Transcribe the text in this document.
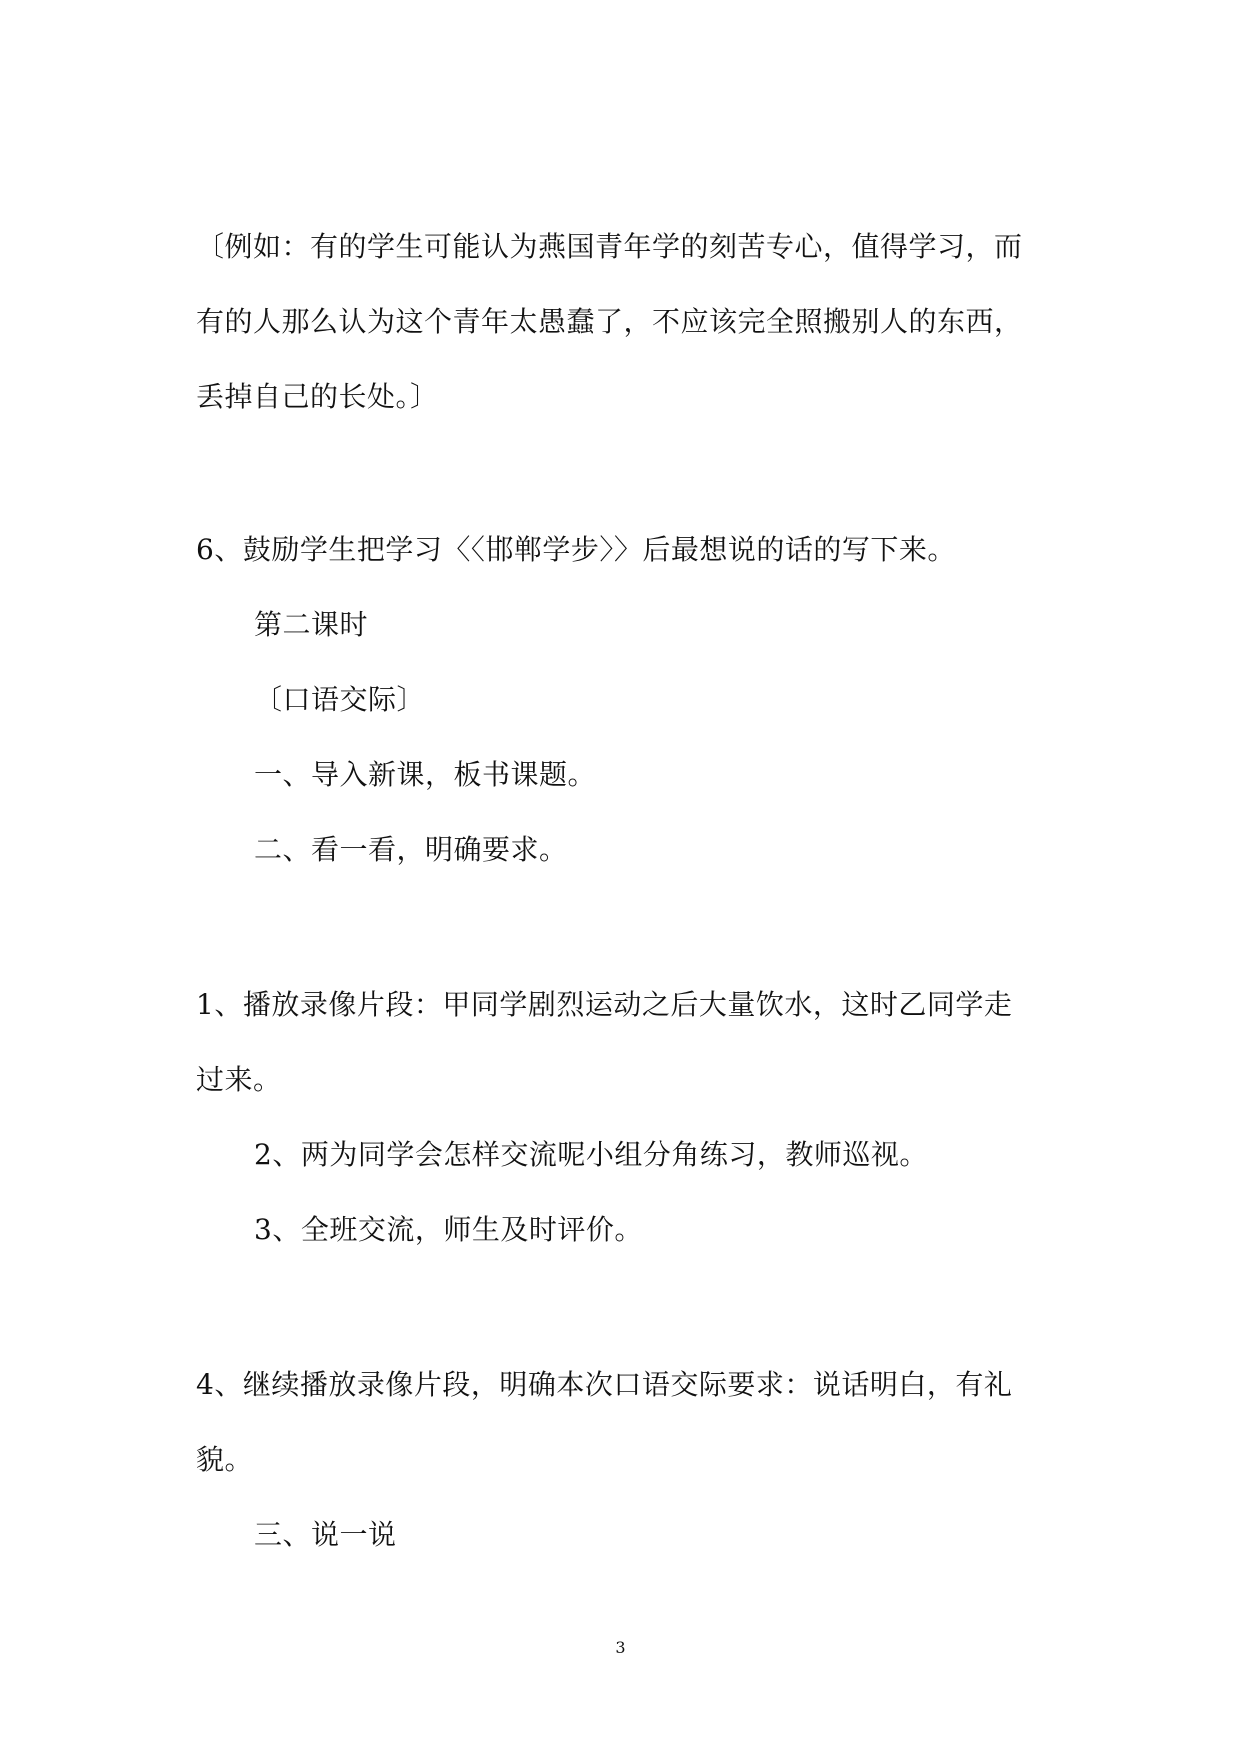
〔例如：有的学生可能认为燕国青年学的刻苦专心，值得学习，而

有的人那么认为这个青年太愚蠢了，不应该完全照搬别人的东西，

丢掉自己的长处。〕

6、鼓励学生把学习〈〈邯郸学步〉〉后最想说的话的写下来。

第二课时

〔口语交际〕

一、导入新课，板书课题。

二、看一看，明确要求。

1、播放录像片段：甲同学剧烈运动之后大量饮水，这时乙同学走

过来。

2、两为同学会怎样交流呢小组分角练习，教师巡视。

3、全班交流，师生及时评价。

4、继续播放录像片段，明确本次口语交际要求：说话明白，有礼

貌。

三、说一说

3
